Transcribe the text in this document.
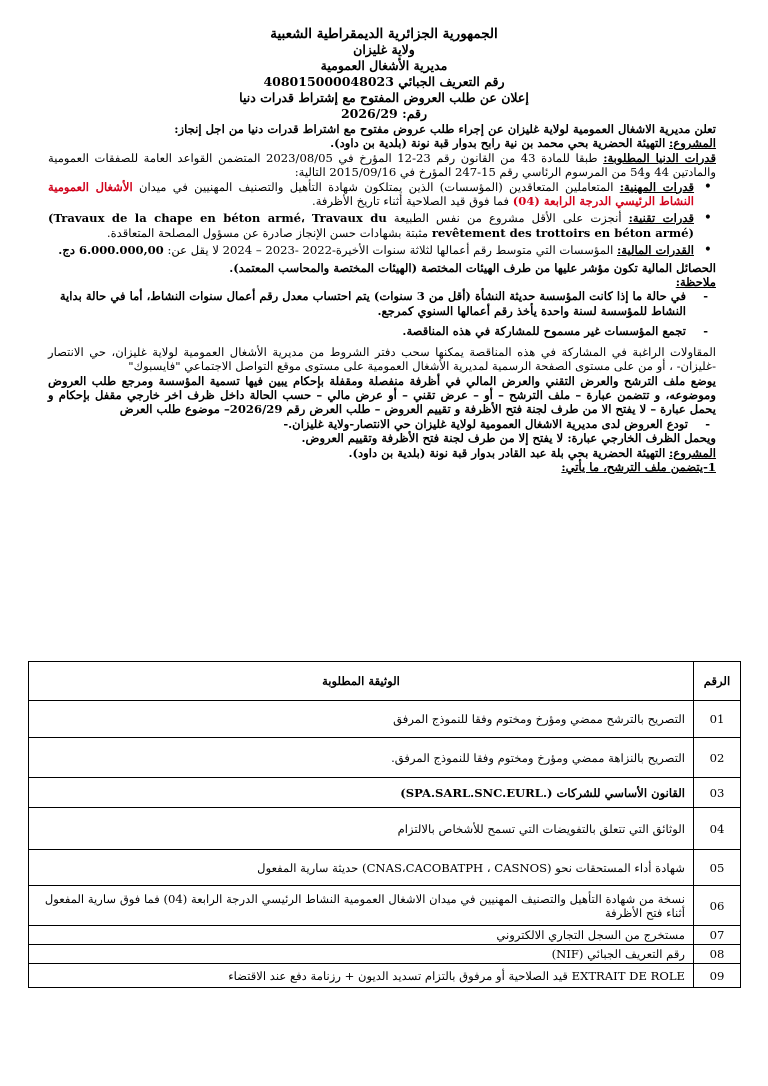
الجمهورية الجزائرية الديمقراطية الشعبية
ولاية غليزان
مديرية الأشغال العمومية
رقم التعريف الجبائي 408015000048023
إعلان عن طلب العروض المفتوح مع إشتراط قدرات دنيا
رقم: 2026/29

تعلن مديرية الاشغال العمومية لولاية غليزان عن إجراء طلب عروض مفتوح مع اشتراط قدرات دنيا من اجل إنجاز:

المشروع: التهيئة الحضرية بحي محمد بن نية رابح بدوار قبة نونة (بلدية بن داود).

قدرات الدنيا المطلوبة: طبقا للمادة 43 من القانون رقم 23-12 المؤرخ في 2023/08/05 المتضمن القواعد العامة للصفقات العمومية والمادتين 44 و54 من المرسوم الرئاسي رقم 15-247 المؤرخ في 2015/09/16 التالية:

• قدرات المهنية: المتعاملين المتعاقدين (المؤسسات) الذين يمتلكون شهادة التأهيل والتصنيف المهنيين في ميدان الأشغال العمومية النشاط الرئيسي الدرجة الرابعة (04) فما فوق قيد الصلاحية أثناء تاريخ الأظرفة.
• قدرات تقنية: أنجزت على الأقل مشروع من نفس الطبيعة (Travaux de la chape en béton armé، Travaux du revêtement des trottoirs en béton armé) مثبتة بشهادات حسن الإنجاز صادرة عن مسؤول المصلحة المتعاقدة.
• القدرات المالية: المؤسسات التي متوسط رقم أعمالها لثلاثة سنوات الأخيرة-2022 -2023 – 2024 لا يقل عن: 6.000.000,00 دج.

الحصائل المالية تكون مؤشر عليها من طرف الهيئات المختصة (الهيئات المختصة والمحاسب المعتمد).

ملاحظة:

- في حالة ما إذا كانت المؤسسة حديثة النشأة (أقل من 3 سنوات) يتم احتساب معدل رقم أعمال سنوات النشاط، أما في حالة بداية النشاط للمؤسسة لسنة واحدة يأخذ رقم أعمالها السنوي كمرجع.
- تجمع المؤسسات غير مسموح للمشاركة في هذه المناقصة.

المقاولات الراغبة في المشاركة في هذه المناقصة يمكنها سحب دفتر الشروط من مديرية الأشغال العمومية لولاية غليزان، حي الانتصار -غليزان- ، أو من على مستوى الصفحة الرسمية لمديرية الأشغال العمومية على مستوى موقع التواصل الاجتماعي "فايسبوك"

يوضع ملف الترشح والعرض التقني والعرض المالي في أظرفة منفصلة ومقفلة بإحكام يبين فيها تسمية المؤسسة ومرجع طلب العروض وموضوعه، و تتضمن عبارة – ملف الترشح – أو – عرض تقني – أو عرض مالي – حسب الحالة داخل ظرف اخر خارجي مقفل بإحكام و يحمل عبارة – لا يفتح الا من طرف لجنة فتح الأظرفة و تقييم العروض – طلب العرض رقم 2026/29– موضوع طلب العرض

- تودع العروض لدى مديرية الاشغال العمومية لولاية غليزان حي الانتصار-ولاية غليزان.-

ويحمل الظرف الخارجي عبارة: لا يفتح إلا من طرف لجنة فتح الأظرفة وتقييم العروض.

المشروع: التهيئة الحضرية بحي بلة عبد القادر بدوار قبة نونة (بلدية بن داود).

1-يتضمن ملف الترشح، ما يأتي:

الرقم	الوثيقة المطلوبة
01	التصريح بالترشح ممضي ومؤرخ ومختوم وفقا للنموذج المرفق
02	التصريح بالنزاهة ممضي ومؤرخ ومختوم وفقا للنموذج المرفق.
03	القانون الأساسي للشركات (.SPA.SARL.SNC.EURL)
04	الوثائق التي تتعلق بالتفويضات التي تسمح للأشخاص بالالتزام
05	شهادة أداء المستحقات نحو (CNAS،CACOBATPH ، CASNOS) حديثة سارية المفعول
06	نسخة من شهادة التأهيل والتصنيف المهنيين في ميدان الاشغال العمومية النشاط الرئيسي الدرجة الرابعة (04) فما فوق سارية المفعول أثناء فتح الأظرفة
07	مستخرج من السجل التجاري الالكتروني
08	رقم التعريف الجبائي (NIF)
09	EXTRAIT DE ROLE قيد الصلاحية أو مرفوق بالتزام تسديد الديون + رزنامة دفع عند الاقتضاء
